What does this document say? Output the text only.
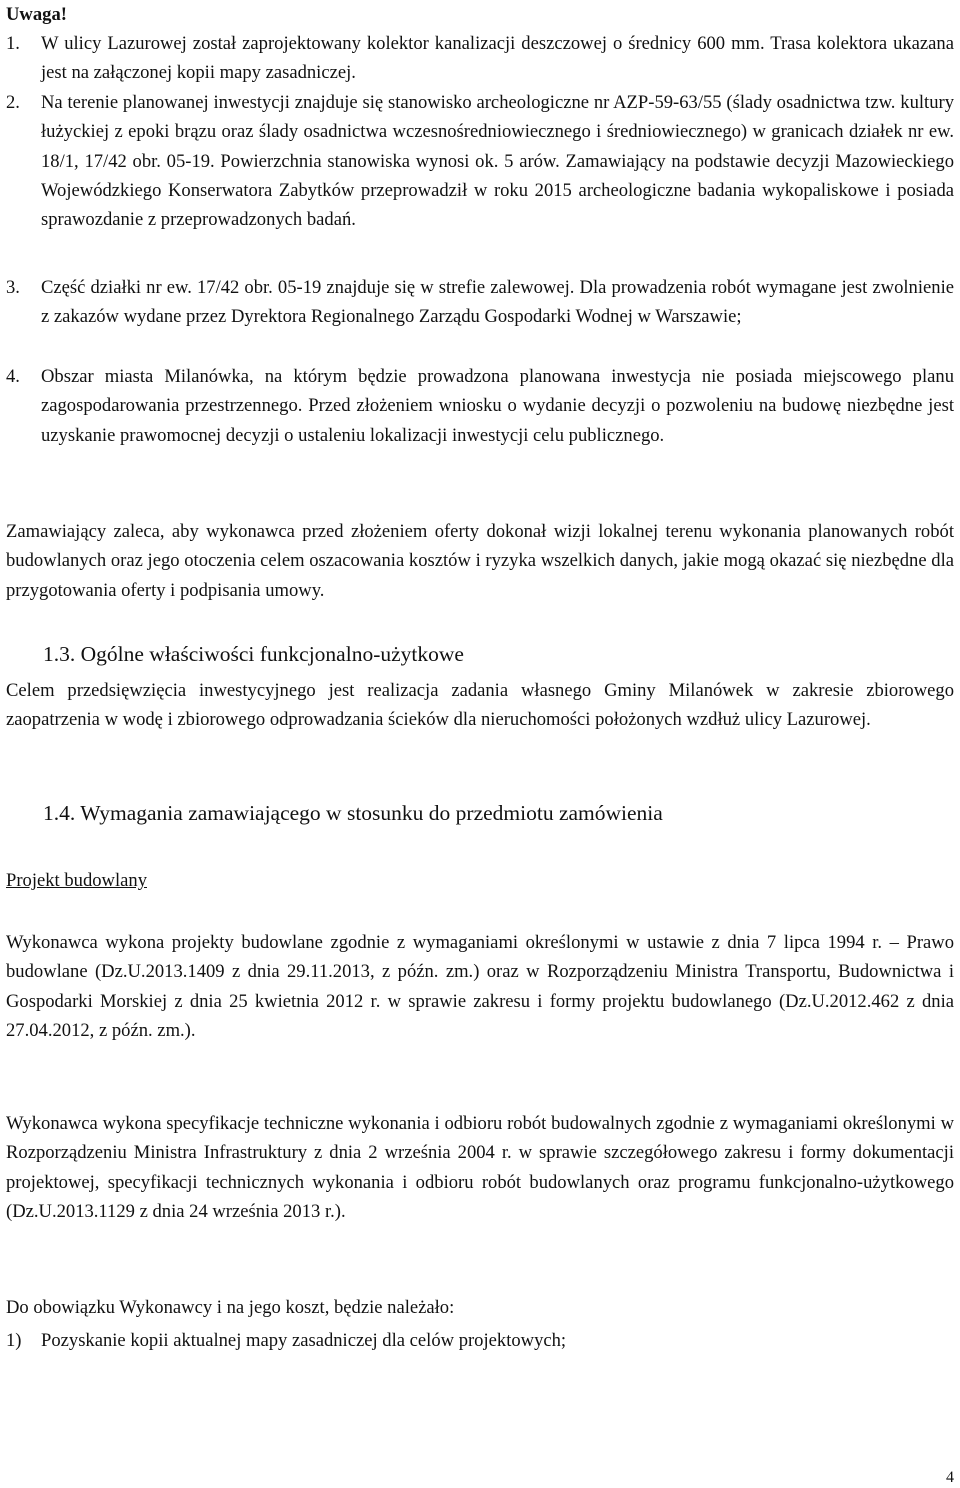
Uwaga!
1. W ulicy Lazurowej został zaprojektowany kolektor kanalizacji deszczowej o średnicy 600 mm. Trasa kolektora ukazana jest na załączonej kopii mapy zasadniczej.
2. Na terenie planowanej inwestycji znajduje się stanowisko archeologiczne nr AZP-59-63/55 (ślady osadnictwa tzw. kultury łużyckiej z epoki brązu oraz ślady osadnictwa wczesnośredniowiecznego i średniowiecznego) w granicach działek nr ew. 18/1, 17/42 obr. 05-19. Powierzchnia stanowiska wynosi ok. 5 arów. Zamawiający na podstawie decyzji Mazowieckiego Wojewódzkiego Konserwatora Zabytków przeprowadził w roku 2015 archeologiczne badania wykopaliskowe i posiada sprawozdanie z przeprowadzonych badań.
3. Część działki nr ew. 17/42 obr. 05-19 znajduje się w strefie zalewowej. Dla prowadzenia robót wymagane jest zwolnienie z zakazów wydane przez Dyrektora Regionalnego Zarządu Gospodarki Wodnej w Warszawie;
4. Obszar miasta Milanówka, na którym będzie prowadzona planowana inwestycja nie posiada miejscowego planu zagospodarowania przestrzennego. Przed złożeniem wniosku o wydanie decyzji o pozwoleniu na budowę niezbędne jest uzyskanie prawomocnej decyzji o ustaleniu lokalizacji inwestycji celu publicznego.

Zamawiający zaleca, aby wykonawca przed złożeniem oferty dokonał wizji lokalnej terenu wykonania planowanych robót budowlanych oraz jego otoczenia celem oszacowania kosztów i ryzyka wszelkich danych, jakie mogą okazać się niezbędne dla przygotowania oferty i podpisania umowy.

1.3. Ogólne właściwości funkcjonalno-użytkowe

Celem przedsięwzięcia inwestycyjnego jest realizacja zadania własnego Gminy Milanówek w zakresie zbiorowego zaopatrzenia w wodę i zbiorowego odprowadzania ścieków dla nieruchomości położonych wzdłuż ulicy Lazurowej.

1.4. Wymagania zamawiającego w stosunku do przedmiotu zamówienia
Projekt budowlany

Wykonawca wykona projekty budowlane zgodnie z wymaganiami określonymi w ustawie z dnia 7 lipca 1994 r. – Prawo budowlane (Dz.U.2013.1409 z dnia 29.11.2013, z późn. zm.) oraz w Rozporządzeniu Ministra Transportu, Budownictwa i Gospodarki Morskiej z dnia 25 kwietnia 2012 r. w sprawie zakresu i formy projektu budowlanego (Dz.U.2012.462 z dnia 27.04.2012, z późn. zm.).

Wykonawca wykona specyfikacje techniczne wykonania i odbioru robót budowalnych zgodnie z wymaganiami określonymi w Rozporządzeniu Ministra Infrastruktury z dnia 2 września 2004 r. w sprawie szczegółowego zakresu i formy dokumentacji projektowej, specyfikacji technicznych wykonania i odbioru robót budowlanych oraz programu funkcjonalno-użytkowego (Dz.U.2013.1129 z dnia 24 września 2013 r.).

Do obowiązku Wykonawcy i na jego koszt, będzie należało:

1) Pozyskanie kopii aktualnej mapy zasadniczej dla celów projektowych;
4
